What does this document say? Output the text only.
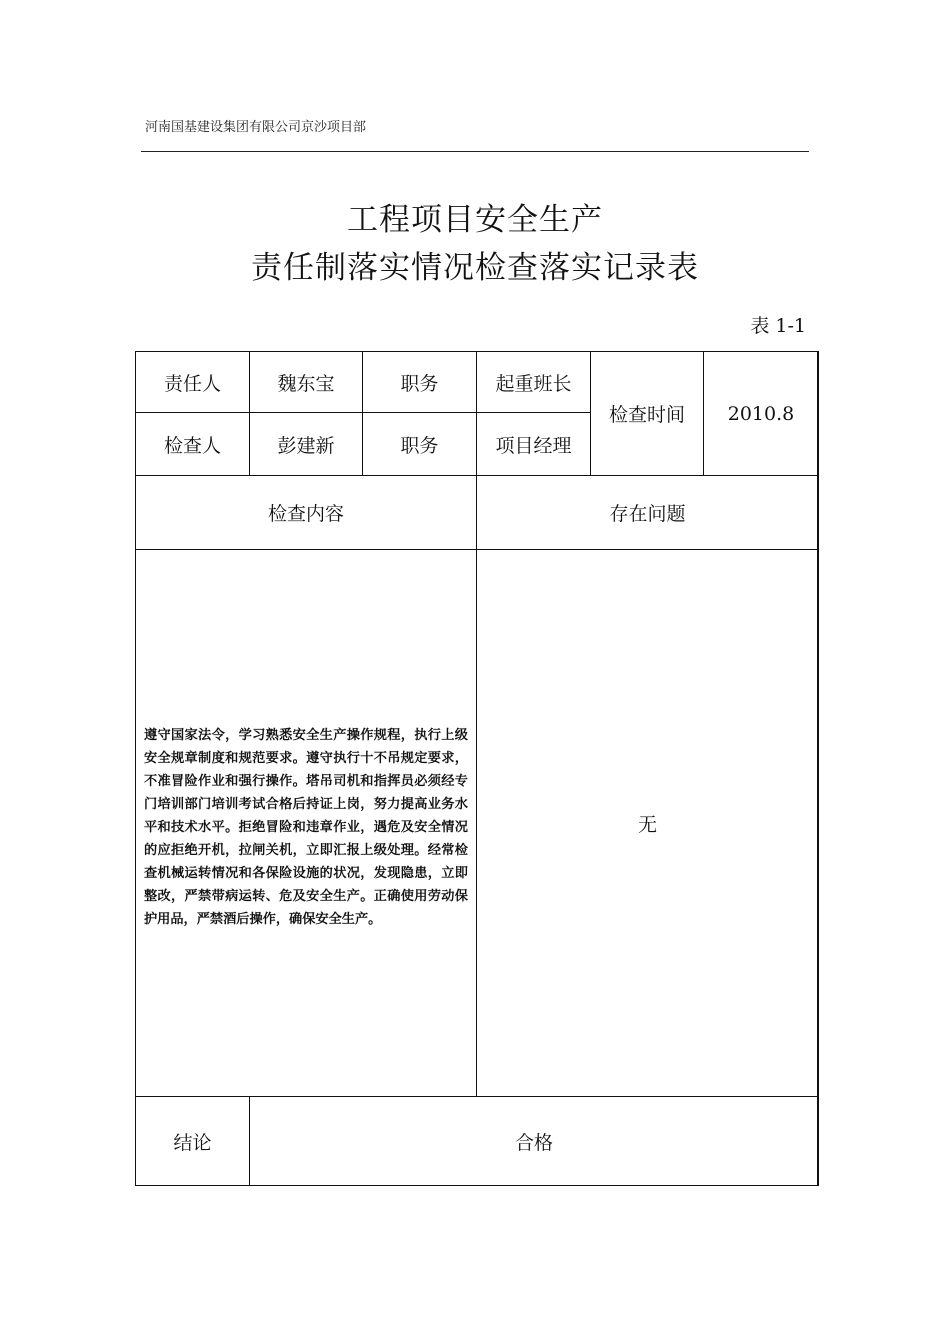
河南国基建设集团有限公司京沙项目部
工程项目安全生产
责任制落实情况检查落实记录表
表 1-1
责任人	魏东宝	职务	起重班长	检查时间	2010.8
检查人	彭建新	职务	项目经理		
检查内容			存在问题		

遵守国家法令，学习熟悉安全生产操作规程，执行上级安全规章制度和规范要求。遵守执行十不吊规定要求，不准冒险作业和强行操作。塔吊司机和指挥员必须经专门培训部门培训考试合格后持证上岗，努力提高业务水平和技术水平。拒绝冒险和违章作业，遇危及安全情况的应拒绝开机，拉闸关机，立即汇报上级处理。经常检查机械运转情况和各保险设施的状况，发现隐患，立即整改，严禁带病运转、危及安全生产。正确使用劳动保护用品，严禁酒后操作，确保安全生产。			无		
结论	合格				
